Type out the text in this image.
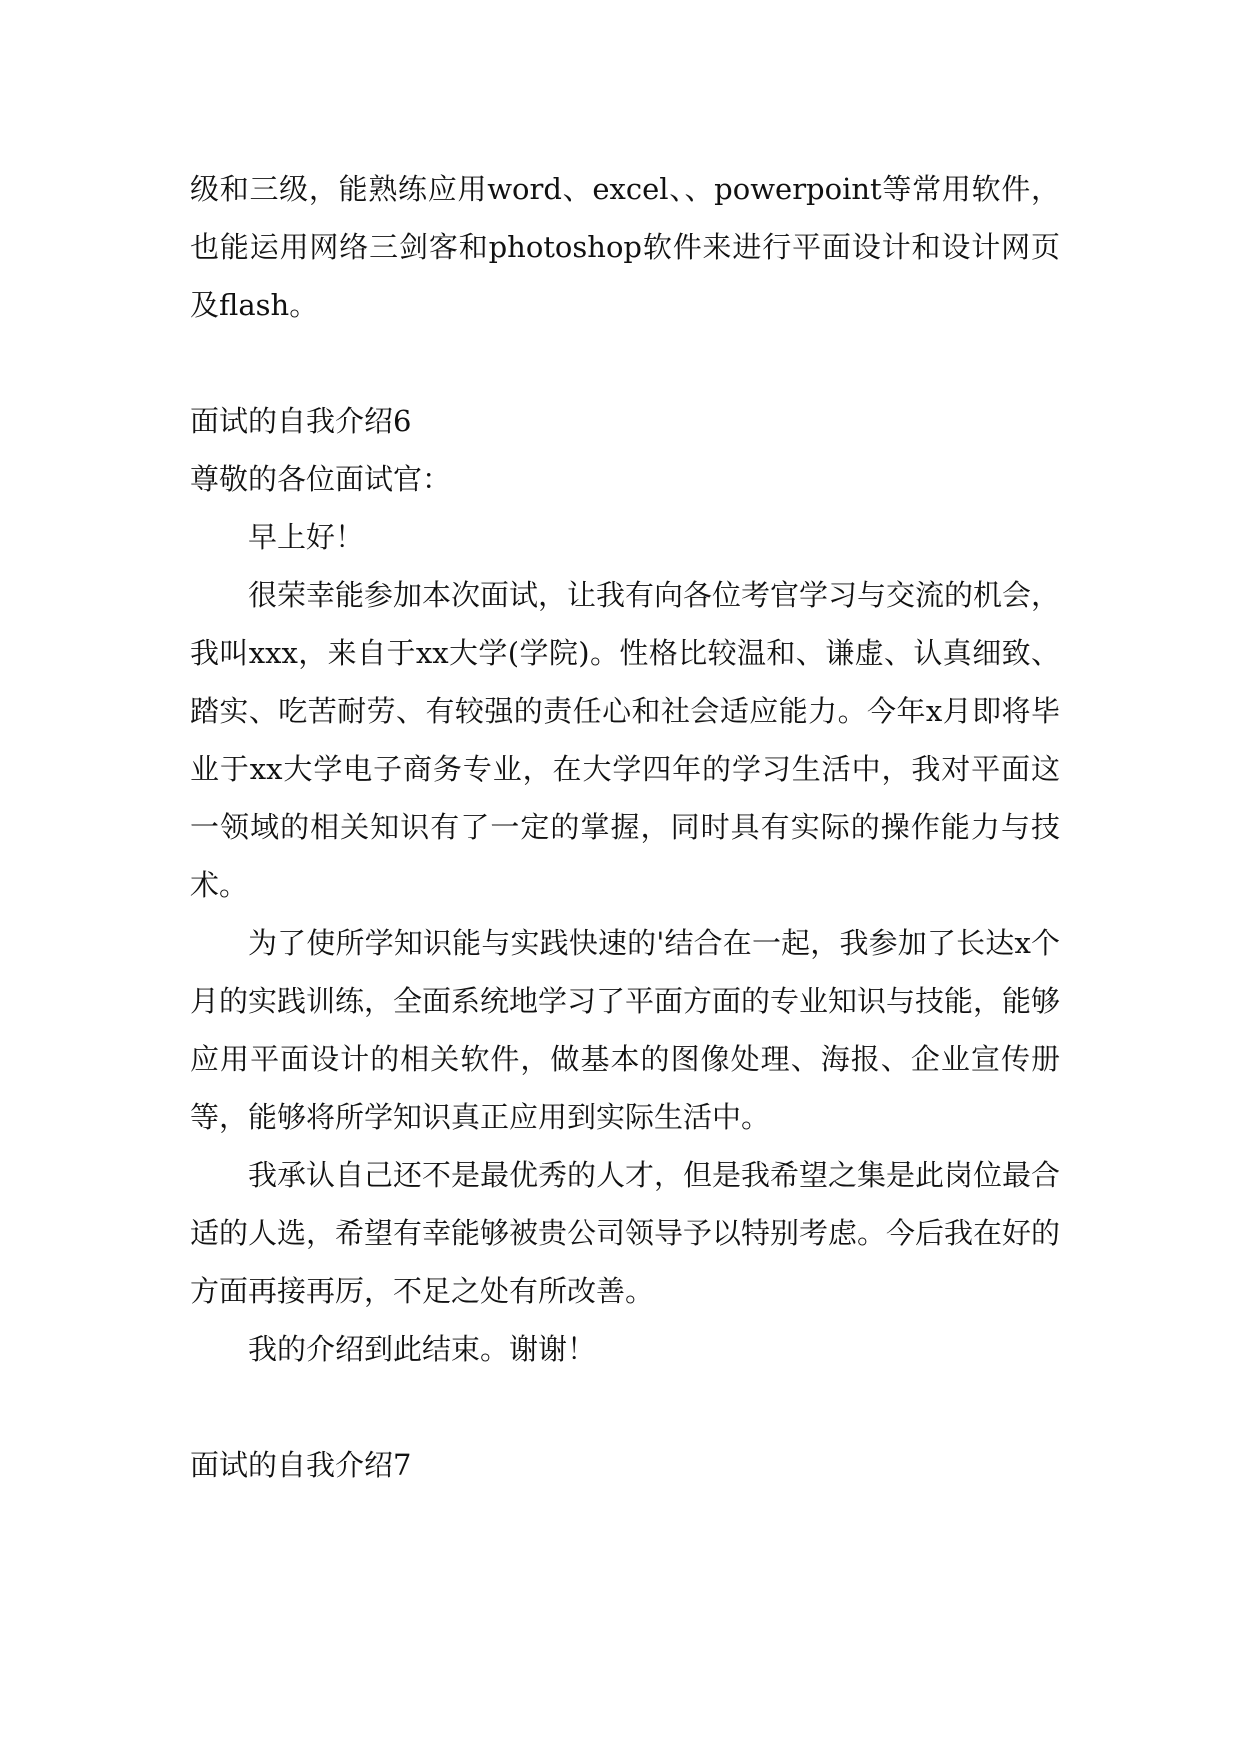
级和三级，能熟练应用word、excel、、powerpoint等常用软件，也能运用网络三剑客和photoshop软件来进行平面设计和设计网页及flash。

面试的自我介绍6

尊敬的各位面试官：

早上好！

很荣幸能参加本次面试，让我有向各位考官学习与交流的机会，我叫xxx，来自于xx大学(学院)。性格比较温和、谦虚、认真细致、踏实、吃苦耐劳、有较强的责任心和社会适应能力。今年x月即将毕业于xx大学电子商务专业，在大学四年的学习生活中，我对平面这一领域的相关知识有了一定的掌握，同时具有实际的操作能力与技术。

为了使所学知识能与实践快速的'结合在一起，我参加了长达x个月的实践训练，全面系统地学习了平面方面的专业知识与技能，能够应用平面设计的相关软件，做基本的图像处理、海报、企业宣传册等，能够将所学知识真正应用到实际生活中。

我承认自己还不是最优秀的人才，但是我希望之集是此岗位最合适的人选，希望有幸能够被贵公司领导予以特别考虑。今后我在好的方面再接再厉，不足之处有所改善。

我的介绍到此结束。谢谢！

面试的自我介绍7
